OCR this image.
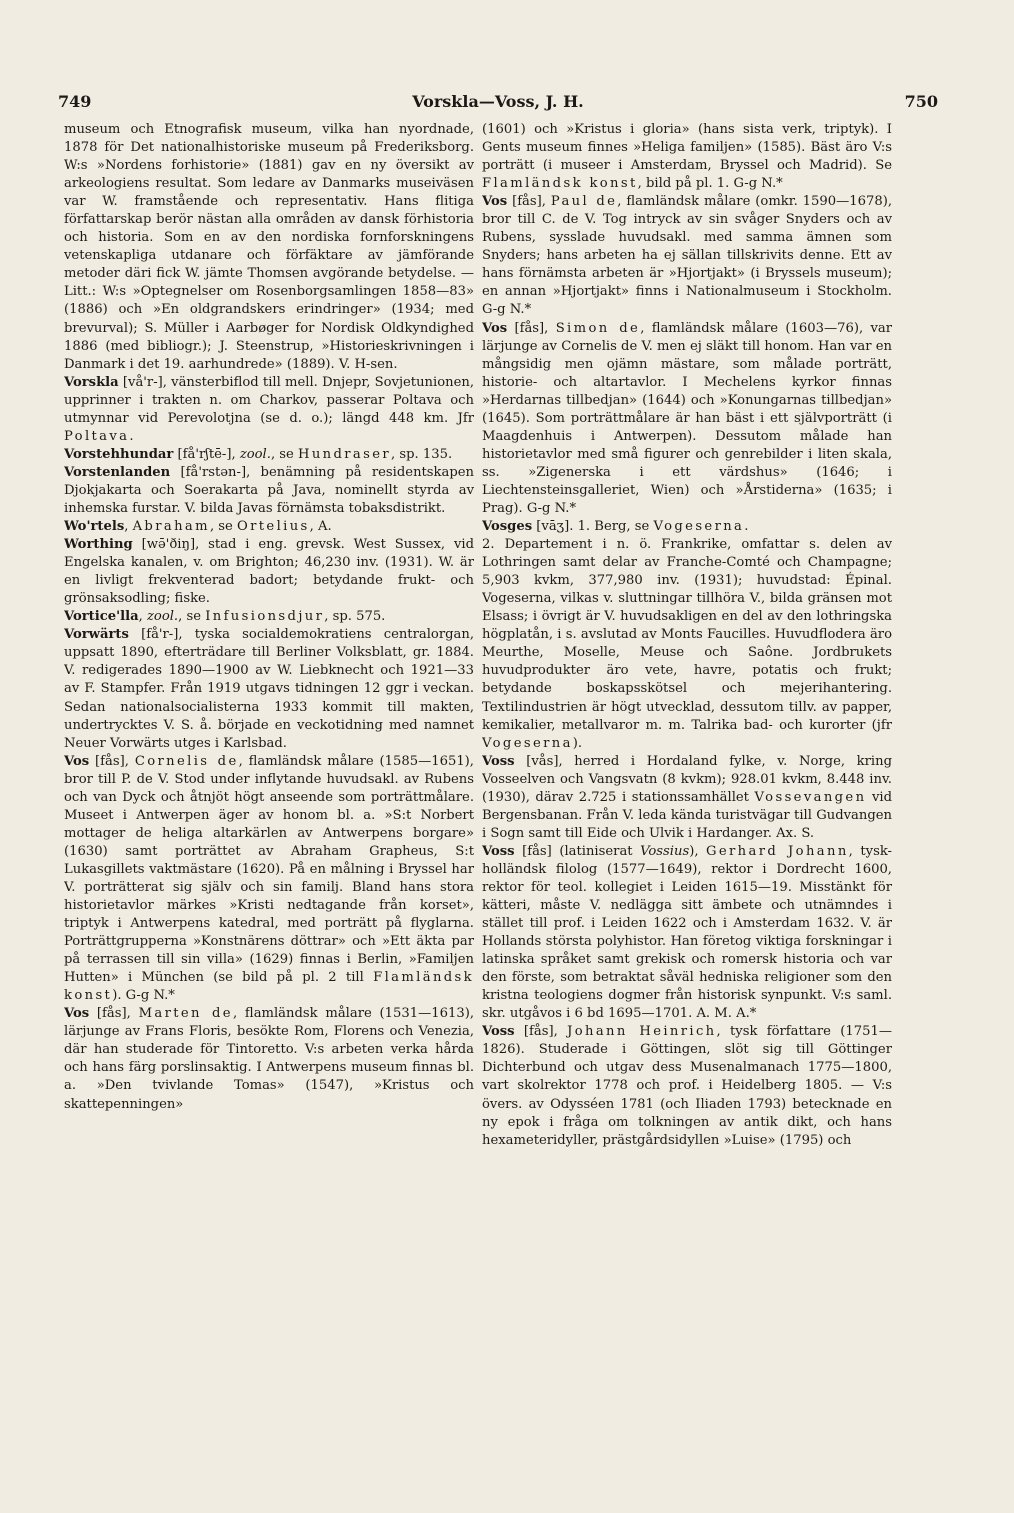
749	Vorskla—Voss, J. H.	750

museum och Etnografisk museum, vilka han nyordnade, 1878 för Det nationalhistoriske museum på Frederiksborg. W:s »Nordens forhistorie» (1881) gav en ny översikt av arkeologiens resultat. Som ledare av Danmarks museiväsen var W. framstående och representativ. Hans flitiga författarskap berör nästan alla områden av dansk förhistoria och historia. Som en av den nordiska fornforskningens vetenskapliga utdanare och förfäktare av jämförande metoder däri fick W. jämte Thomsen avgörande betydelse. — Litt.: W:s »Optegnelser om Rosenborgsamlingen 1858—83» (1886) och »En oldgrandskers erindringer» (1934; med brevurval); S. Müller i Aarbøger for Nordisk Oldkyndighed 1886 (med bibliogr.); J. Steenstrup, »Historieskrivningen i Danmark i det 19. aarhundrede» (1889). V. H-sen.

Vorskla [vå'r-], vänsterbiflod till mell. Dnjepr, Sovjetunionen, upprinner i trakten n. om Charkov, passerar Poltava och utmynnar vid Perevolotjna (se d. o.); längd 448 km. Jfr Poltava.

Vorstehhundar [få'rʃtē-], zool., se Hundraser, sp. 135.

Vorstenlanden [få'rstən-], benämning på residentskapen Djokjakarta och Soerakarta på Java, nominellt styrda av inhemska furstar. V. bilda Javas förnämsta tobaksdistrikt.

Wo'rtels, Abraham, se Ortelius, A.

Worthing [wə̄'ðiŋ], stad i eng. grevsk. West Sussex, vid Engelska kanalen, v. om Brighton; 46,230 inv. (1931). W. är en livligt frekventerad badort; betydande frukt- och grönsaksodling; fiske.

Vortice'lla, zool., se Infusionsdjur, sp. 575.

Vorwärts [få'r-], tyska socialdemokratiens centralorgan, uppsatt 1890, efterträdare till Berliner Volksblatt, gr. 1884. V. redigerades 1890—1900 av W. Liebknecht och 1921—33 av F. Stampfer. Från 1919 utgavs tidningen 12 ggr i veckan. Sedan nationalsocialisterna 1933 kommit till makten, undertrycktes V. S. å. började en veckotidning med namnet Neuer Vorwärts utges i Karlsbad.

Vos [fås], Cornelis de, flamländsk målare (1585—1651), bror till P. de V. Stod under inflytande huvudsakl. av Rubens och van Dyck och åtnjöt högt anseende som porträttmålare. Museet i Antwerpen äger av honom bl. a. »S:t Norbert mottager de heliga altarkärlen av Antwerpens borgare» (1630) samt porträttet av Abraham Grapheus, S:t Lukasgillets vaktmästare (1620). På en målning i Bryssel har V. porträtterat sig själv och sin familj. Bland hans stora historietavlor märkes »Kristi nedtagande från korset», triptyk i Antwerpens katedral, med porträtt på flyglarna. Porträttgrupperna »Konstnärens döttrar» och »Ett äkta par på terrassen till sin villa» (1629) finnas i Berlin, »Familjen Hutten» i München (se bild på pl. 2 till Flamländsk konst). G-g N.*

Vos [fås], Marten de, flamländsk målare (1531—1613), lärjunge av Frans Floris, besökte Rom, Florens och Venezia, där han studerade för Tintoretto. V:s arbeten verka hårda och hans färg porslinsaktig. I Antwerpens museum finnas bl. a. »Den tvivlande Tomas» (1547), »Kristus och skattepenningen»

(1601) och »Kristus i gloria» (hans sista verk, triptyk). I Gents museum finnes »Heliga familjen» (1585). Bäst äro V:s porträtt (i museer i Amsterdam, Bryssel och Madrid). Se Flamländsk konst, bild på pl. 1. G-g N.*

Vos [fås], Paul de, flamländsk målare (omkr. 1590—1678), bror till C. de V. Tog intryck av sin svåger Snyders och av Rubens, sysslade huvudsakl. med samma ämnen som Snyders; hans arbeten ha ej sällan tillskrivits denne. Ett av hans förnämsta arbeten är »Hjortjakt» (i Bryssels museum); en annan »Hjortjakt» finns i Nationalmuseum i Stockholm. G-g N.*

Vos [fås], Simon de, flamländsk målare (1603—76), var lärjunge av Cornelis de V. men ej släkt till honom. Han var en mångsidig men ojämn mästare, som målade porträtt, historie- och altartavlor. I Mechelens kyrkor finnas »Herdarnas tillbedjan» (1644) och »Konungarnas tillbedjan» (1645). Som porträttmålare är han bäst i ett självporträtt (i Maagdenhuis i Antwerpen). Dessutom målade han historietavlor med små figurer och genrebilder i liten skala, ss. »Zigenerska i ett värdshus» (1646; i Liechtensteinsgalleriet, Wien) och »Årstiderna» (1635; i Prag). G-g N.*

Vosges [vāʒ]. 1. Berg, se Vogeserna.

2. Departement i n. ö. Frankrike, omfattar s. delen av Lothringen samt delar av Franche-Comté och Champagne; 5,903 kvkm, 377,980 inv. (1931); huvudstad: Épinal. Vogeserna, vilkas v. sluttningar tillhöra V., bilda gränsen mot Elsass; i övrigt är V. huvudsakligen en del av den lothringska högplatån, i s. avslutad av Monts Faucilles. Huvudflodera äro Meurthe, Moselle, Meuse och Saône. Jordbrukets huvudprodukter äro vete, havre, potatis och frukt; betydande boskapsskötsel och mejerihantering. Textilindustrien är högt utvecklad, dessutom tillv. av papper, kemikalier, metallvaror m. m. Talrika bad- och kurorter (jfr Vogeserna).

Voss [vås], herred i Hordaland fylke, v. Norge, kring Vosseelven och Vangsvatn (8 kvkm); 928.01 kvkm, 8.448 inv. (1930), därav 2.725 i stationssamhället Vossevangen vid Bergensbanan. Från V. leda kända turistvägar till Gudvangen i Sogn samt till Eide och Ulvik i Hardanger. Ax. S.

Voss [fås] (latiniserat Vossius), Gerhard Johann, tysk-holländsk filolog (1577—1649), rektor i Dordrecht 1600, rektor för teol. kollegiet i Leiden 1615—19. Misstänkt för kätteri, måste V. nedlägga sitt ämbete och utnämndes i stället till prof. i Leiden 1622 och i Amsterdam 1632. V. är Hollands största polyhistor. Han företog viktiga forskningar i latinska språket samt grekisk och romersk historia och var den förste, som betraktat såväl hedniska religioner som den kristna teologiens dogmer från historisk synpunkt. V:s saml. skr. utgåvos i 6 bd 1695—1701. A. M. A.*

Voss [fås], Johann Heinrich, tysk författare (1751—1826). Studerade i Göttingen, slöt sig till Göttinger Dichterbund och utgav dess Musenalmanach 1775—1800, vart skolrektor 1778 och prof. i Heidelberg 1805. — V:s övers. av Odysséen 1781 (och Iliaden 1793) betecknade en ny epok i fråga om tolkningen av antik dikt, och hans hexameteridyller, prästgårdsidyllen »Luise» (1795) och
